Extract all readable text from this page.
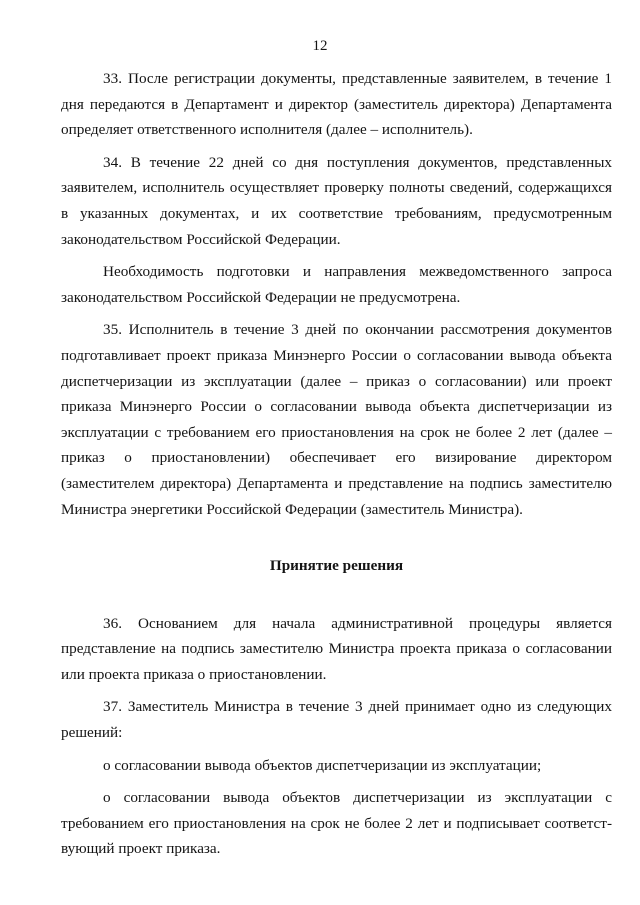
12

33. После регистрации документы, представленные заявителем, в течение 1 дня передаются в Департамент и директор (заместитель директора) Департамента определяет ответственного исполнителя (далее – исполнитель).

34. В течение 22 дней со дня поступления документов, представленных заявителем, исполнитель осуществляет проверку полноты сведений, содержащихся в указанных документах, и их соответствие требованиям, предусмотренным законодательством Российской Федерации.

Необходимость подготовки и направления межведомственного запроса законодательством Российской Федерации не предусмотрена.

35. Исполнитель в течение 3 дней по окончании рассмотрения документов подготавливает проект приказа Минэнерго России о согласовании вывода объекта диспетчеризации из эксплуатации (далее – приказ о согласовании) или проект приказа Минэнерго России о согласовании вывода объекта диспетчеризации из эксплуатации с требованием его приостановления на срок не более 2 лет (далее – приказ о приостановлении) обеспечивает его визирование директором (заместителем директора) Департамента и представление на подпись заместителю Министра энергетики Российской Федерации (заместитель Министра).

Принятие решения

36. Основанием для начала административной процедуры является представление на подпись заместителю Министра проекта приказа о согласовании или проекта приказа о приостановлении.

37. Заместитель Министра в течение 3 дней принимает одно из следующих решений:

о согласовании вывода объектов диспетчеризации из эксплуатации;

о согласовании вывода объектов диспетчеризации из эксплуатации с требованием его приостановления на срок не более 2 лет и подписывает соответст-вующий проект приказа.
